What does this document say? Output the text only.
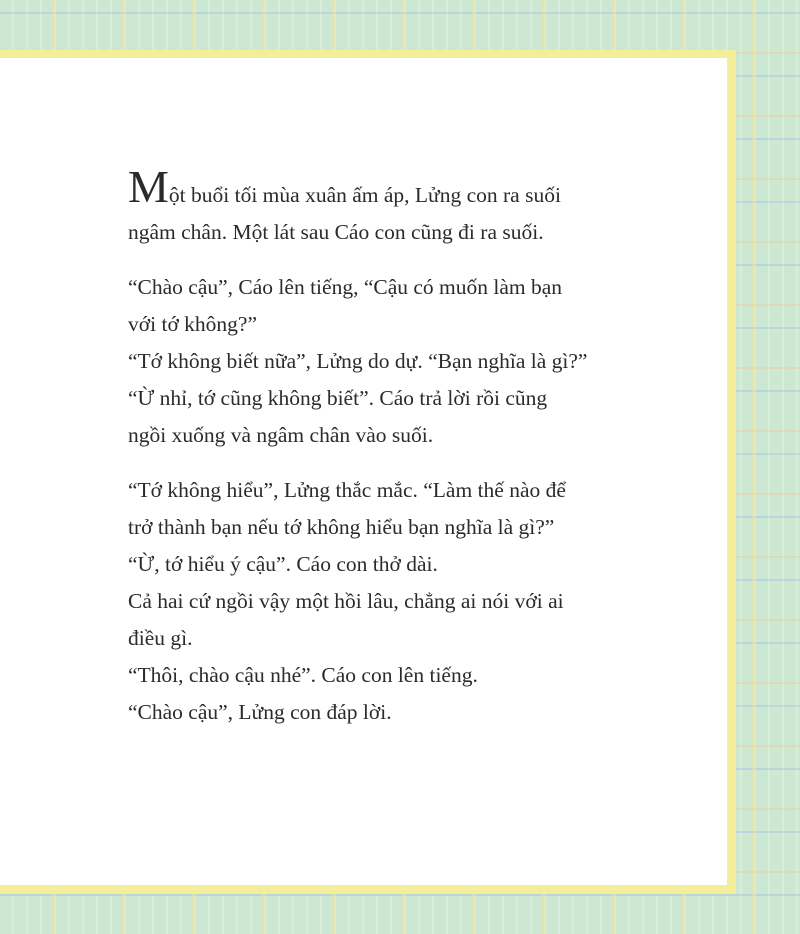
Một buổi tối mùa xuân ấm áp, Lửng con ra suối

ngâm chân. Một lát sau Cáo con cũng đi ra suối.

“Chào cậu”, Cáo lên tiếng, “Cậu có muốn làm bạn

với tớ không?”

“Tớ không biết nữa”, Lửng do dự. “Bạn nghĩa là gì?”

“Ừ nhỉ, tớ cũng không biết”. Cáo trả lời rồi cũng

ngồi xuống và ngâm chân vào suối.

“Tớ không hiểu”, Lửng thắc mắc. “Làm thế nào để

trở thành bạn nếu tớ không hiểu bạn nghĩa là gì?”

“Ừ, tớ hiểu ý cậu”. Cáo con thở dài.

Cả hai cứ ngồi vậy một hồi lâu, chẳng ai nói với ai

điều gì.

“Thôi, chào cậu nhé”. Cáo con lên tiếng.

“Chào cậu”, Lửng con đáp lời.
